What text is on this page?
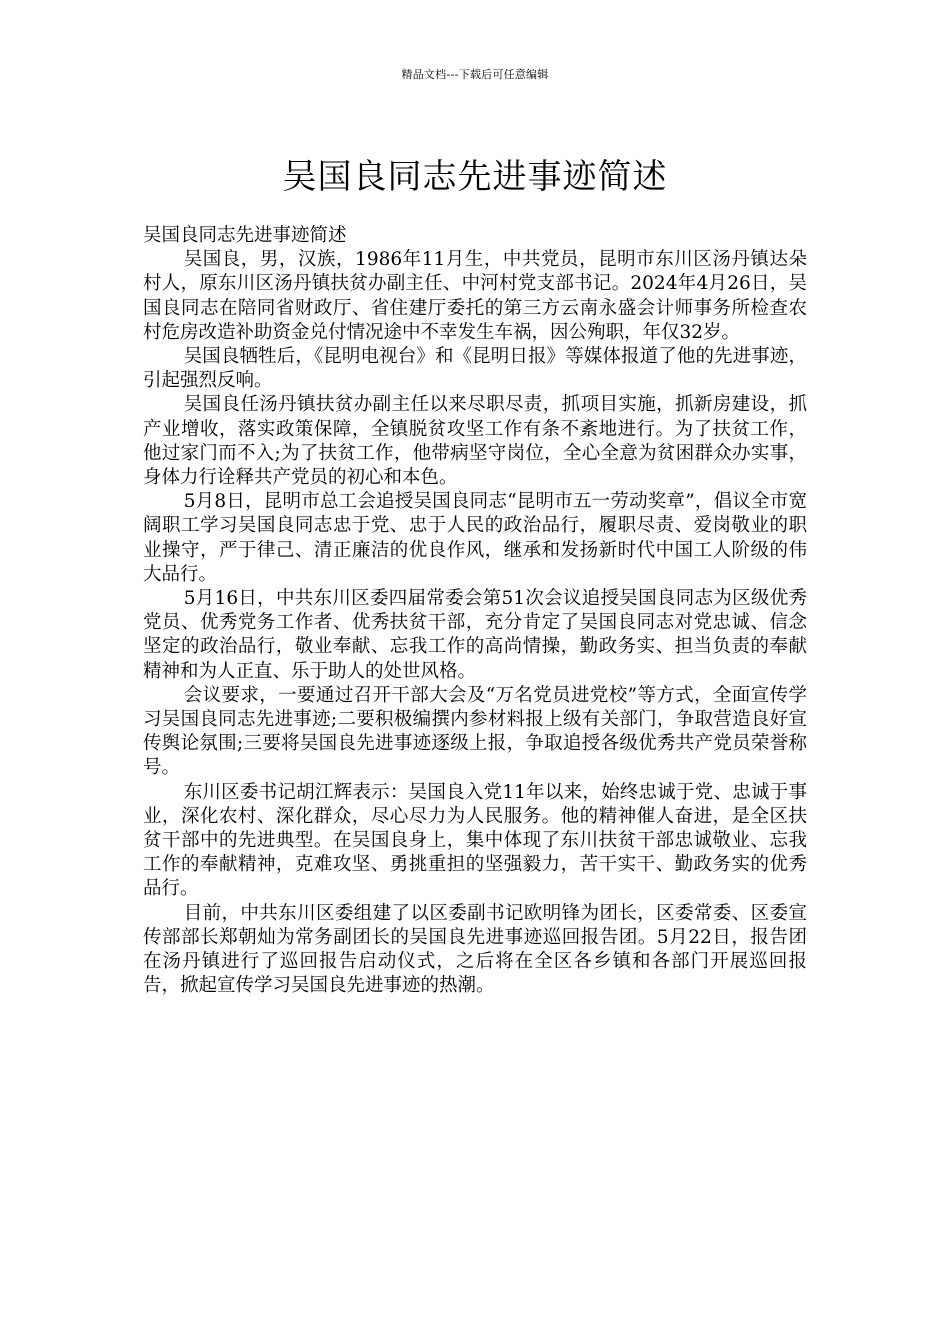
精品文档---下载后可任意编辑
吴国良同志先进事迹简述

吴国良同志先进事迹简述

吴国良，男，汉族，1986年11月生，中共党员，昆明市东川区汤丹镇达朵村人，原东川区汤丹镇扶贫办副主任、中河村党支部书记。2024年4月26日，吴国良同志在陪同省财政厅、省住建厅委托的第三方云南永盛会计师事务所检查农村危房改造补助资金兑付情况途中不幸发生车祸，因公殉职，年仅32岁。

吴国良牺牲后，《昆明电视台》和《昆明日报》等媒体报道了他的先进事迹，引起强烈反响。

吴国良任汤丹镇扶贫办副主任以来尽职尽责，抓项目实施，抓新房建设，抓产业增收，落实政策保障，全镇脱贫攻坚工作有条不紊地进行。为了扶贫工作，他过家门而不入;为了扶贫工作，他带病坚守岗位，全心全意为贫困群众办实事，身体力行诠释共产党员的初心和本色。

5月8日，昆明市总工会追授吴国良同志“昆明市五一劳动奖章”，倡议全市宽阔职工学习吴国良同志忠于党、忠于人民的政治品行，履职尽责、爱岗敬业的职业操守，严于律己、清正廉洁的优良作风，继承和发扬新时代中国工人阶级的伟大品行。

5月16日，中共东川区委四届常委会第51次会议追授吴国良同志为区级优秀党员、优秀党务工作者、优秀扶贫干部，充分肯定了吴国良同志对党忠诚、信念坚定的政治品行，敬业奉献、忘我工作的高尚情操，勤政务实、担当负责的奉献精神和为人正直、乐于助人的处世风格。

会议要求，一要通过召开干部大会及“万名党员进党校”等方式，全面宣传学习吴国良同志先进事迹;二要积极编撰内参材料报上级有关部门，争取营造良好宣传舆论氛围;三要将吴国良先进事迹逐级上报，争取追授各级优秀共产党员荣誉称号。

东川区委书记胡江辉表示：吴国良入党11年以来，始终忠诚于党、忠诚于事业，深化农村、深化群众，尽心尽力为人民服务。他的精神催人奋进，是全区扶贫干部中的先进典型。在吴国良身上，集中体现了东川扶贫干部忠诚敬业、忘我工作的奉献精神，克难攻坚、勇挑重担的坚强毅力，苦干实干、勤政务实的优秀品行。

目前，中共东川区委组建了以区委副书记欧明锋为团长，区委常委、区委宣传部部长郑朝灿为常务副团长的吴国良先进事迹巡回报告团。5月22日，报告团在汤丹镇进行了巡回报告启动仪式，之后将在全区各乡镇和各部门开展巡回报告，掀起宣传学习吴国良先进事迹的热潮。
